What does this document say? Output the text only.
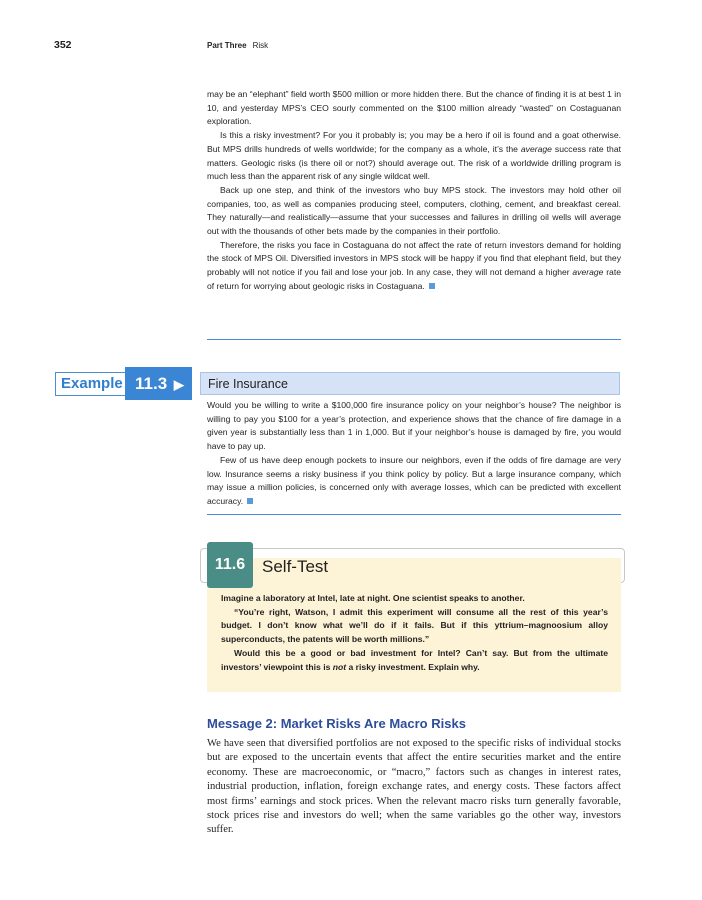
352	Part Three Risk

may be an “elephant” field worth $500 million or more hidden there. But the chance of finding it is at best 1 in 10, and yesterday MPS’s CEO sourly commented on the $100 million already “wasted” on Costaguanan exploration.

Is this a risky investment? For you it probably is; you may be a hero if oil is found and a goat otherwise. But MPS drills hundreds of wells worldwide; for the company as a whole, it’s the average success rate that matters. Geologic risks (is there oil or not?) should average out. The risk of a worldwide drilling program is much less than the apparent risk of any single wildcat well.

Back up one step, and think of the investors who buy MPS stock. The investors may hold other oil companies, too, as well as companies producing steel, computers, clothing, cement, and breakfast cereal. They naturally—and realistically—assume that your successes and failures in drilling oil wells will average out with the thousands of other bets made by the companies in their portfolio.

Therefore, the risks you face in Costaguana do not affect the rate of return investors demand for holding the stock of MPS Oil. Diversified investors in MPS stock will be happy if you find that elephant field, but they probably will not notice if you fail and lose your job. In any case, they will not demand a higher average rate of return for worrying about geologic risks in Costaguana.

Example 11.3 ▶	Fire Insurance

Would you be willing to write a $100,000 fire insurance policy on your neighbor’s house? The neighbor is willing to pay you $100 for a year’s protection, and experience shows that the chance of fire damage in a given year is substantially less than 1 in 1,000. But if your neighbor’s house is damaged by fire, you would have to pay up.

Few of us have deep enough pockets to insure our neighbors, even if the odds of fire damage are very low. Insurance seems a risky business if you think policy by policy. But a large insurance company, which may issue a million policies, is concerned only with average losses, which can be predicted with excellent accuracy.

11.6 Self-Test

Imagine a laboratory at Intel, late at night. One scientist speaks to another.

“You’re right, Watson, I admit this experiment will consume all the rest of this year’s budget. I don’t know what we’ll do if it fails. But if this yttrium–magnoosium alloy superconducts, the patents will be worth millions.”

Would this be a good or bad investment for Intel? Can’t say. But from the ultimate investors’ viewpoint this is not a risky investment. Explain why.

Message 2: Market Risks Are Macro Risks

We have seen that diversified portfolios are not exposed to the specific risks of individual stocks but are exposed to the uncertain events that affect the entire securities market and the entire economy. These are macroeconomic, or “macro,” factors such as changes in interest rates, industrial production, inflation, foreign exchange rates, and energy costs. These factors affect most firms’ earnings and stock prices. When the relevant macro risks turn generally favorable, stock prices rise and investors do well; when the same variables go the other way, investors suffer.
